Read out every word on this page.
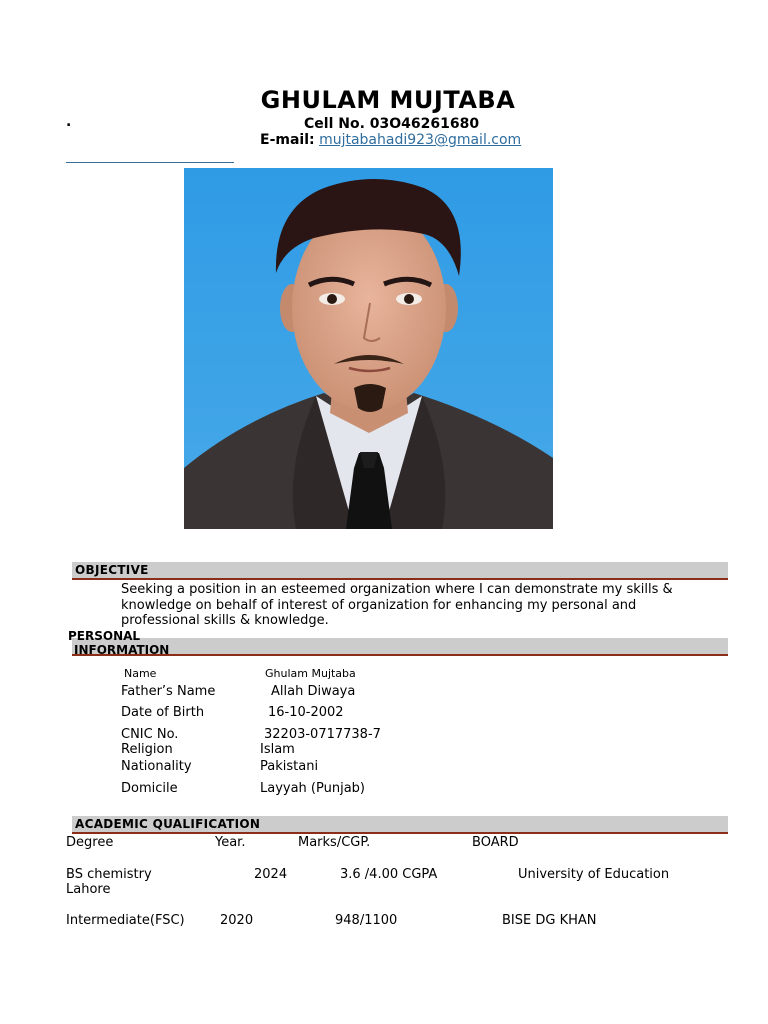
GHULAM MUJTABA
.	Cell No. 03O46261680
E-mail: mujtabahadi923@gmail.com
OBJECTIVE
Seeking a position in an esteemed organization where I can demonstrate my skills & knowledge on behalf of interest of organization for enhancing my personal and professional skills & knowledge.
PERSONAL
INFORMATION
Name	Ghulam Mujtaba
Father’s Name	Allah Diwaya
Date of Birth	16-10-2002
CNIC No.	32203-0717738-7
Religion	Islam
Nationality	Pakistani
Domicile	Layyah (Punjab)
ACADEMIC QUALIFICATION
Degree	Year.	Marks/CGP.	BOARD
BS chemistry	2024	3.6 /4.00 CGPA	University of Education
Lahore
Intermediate(FSC)	2020	948/1100	BISE DG KHAN
